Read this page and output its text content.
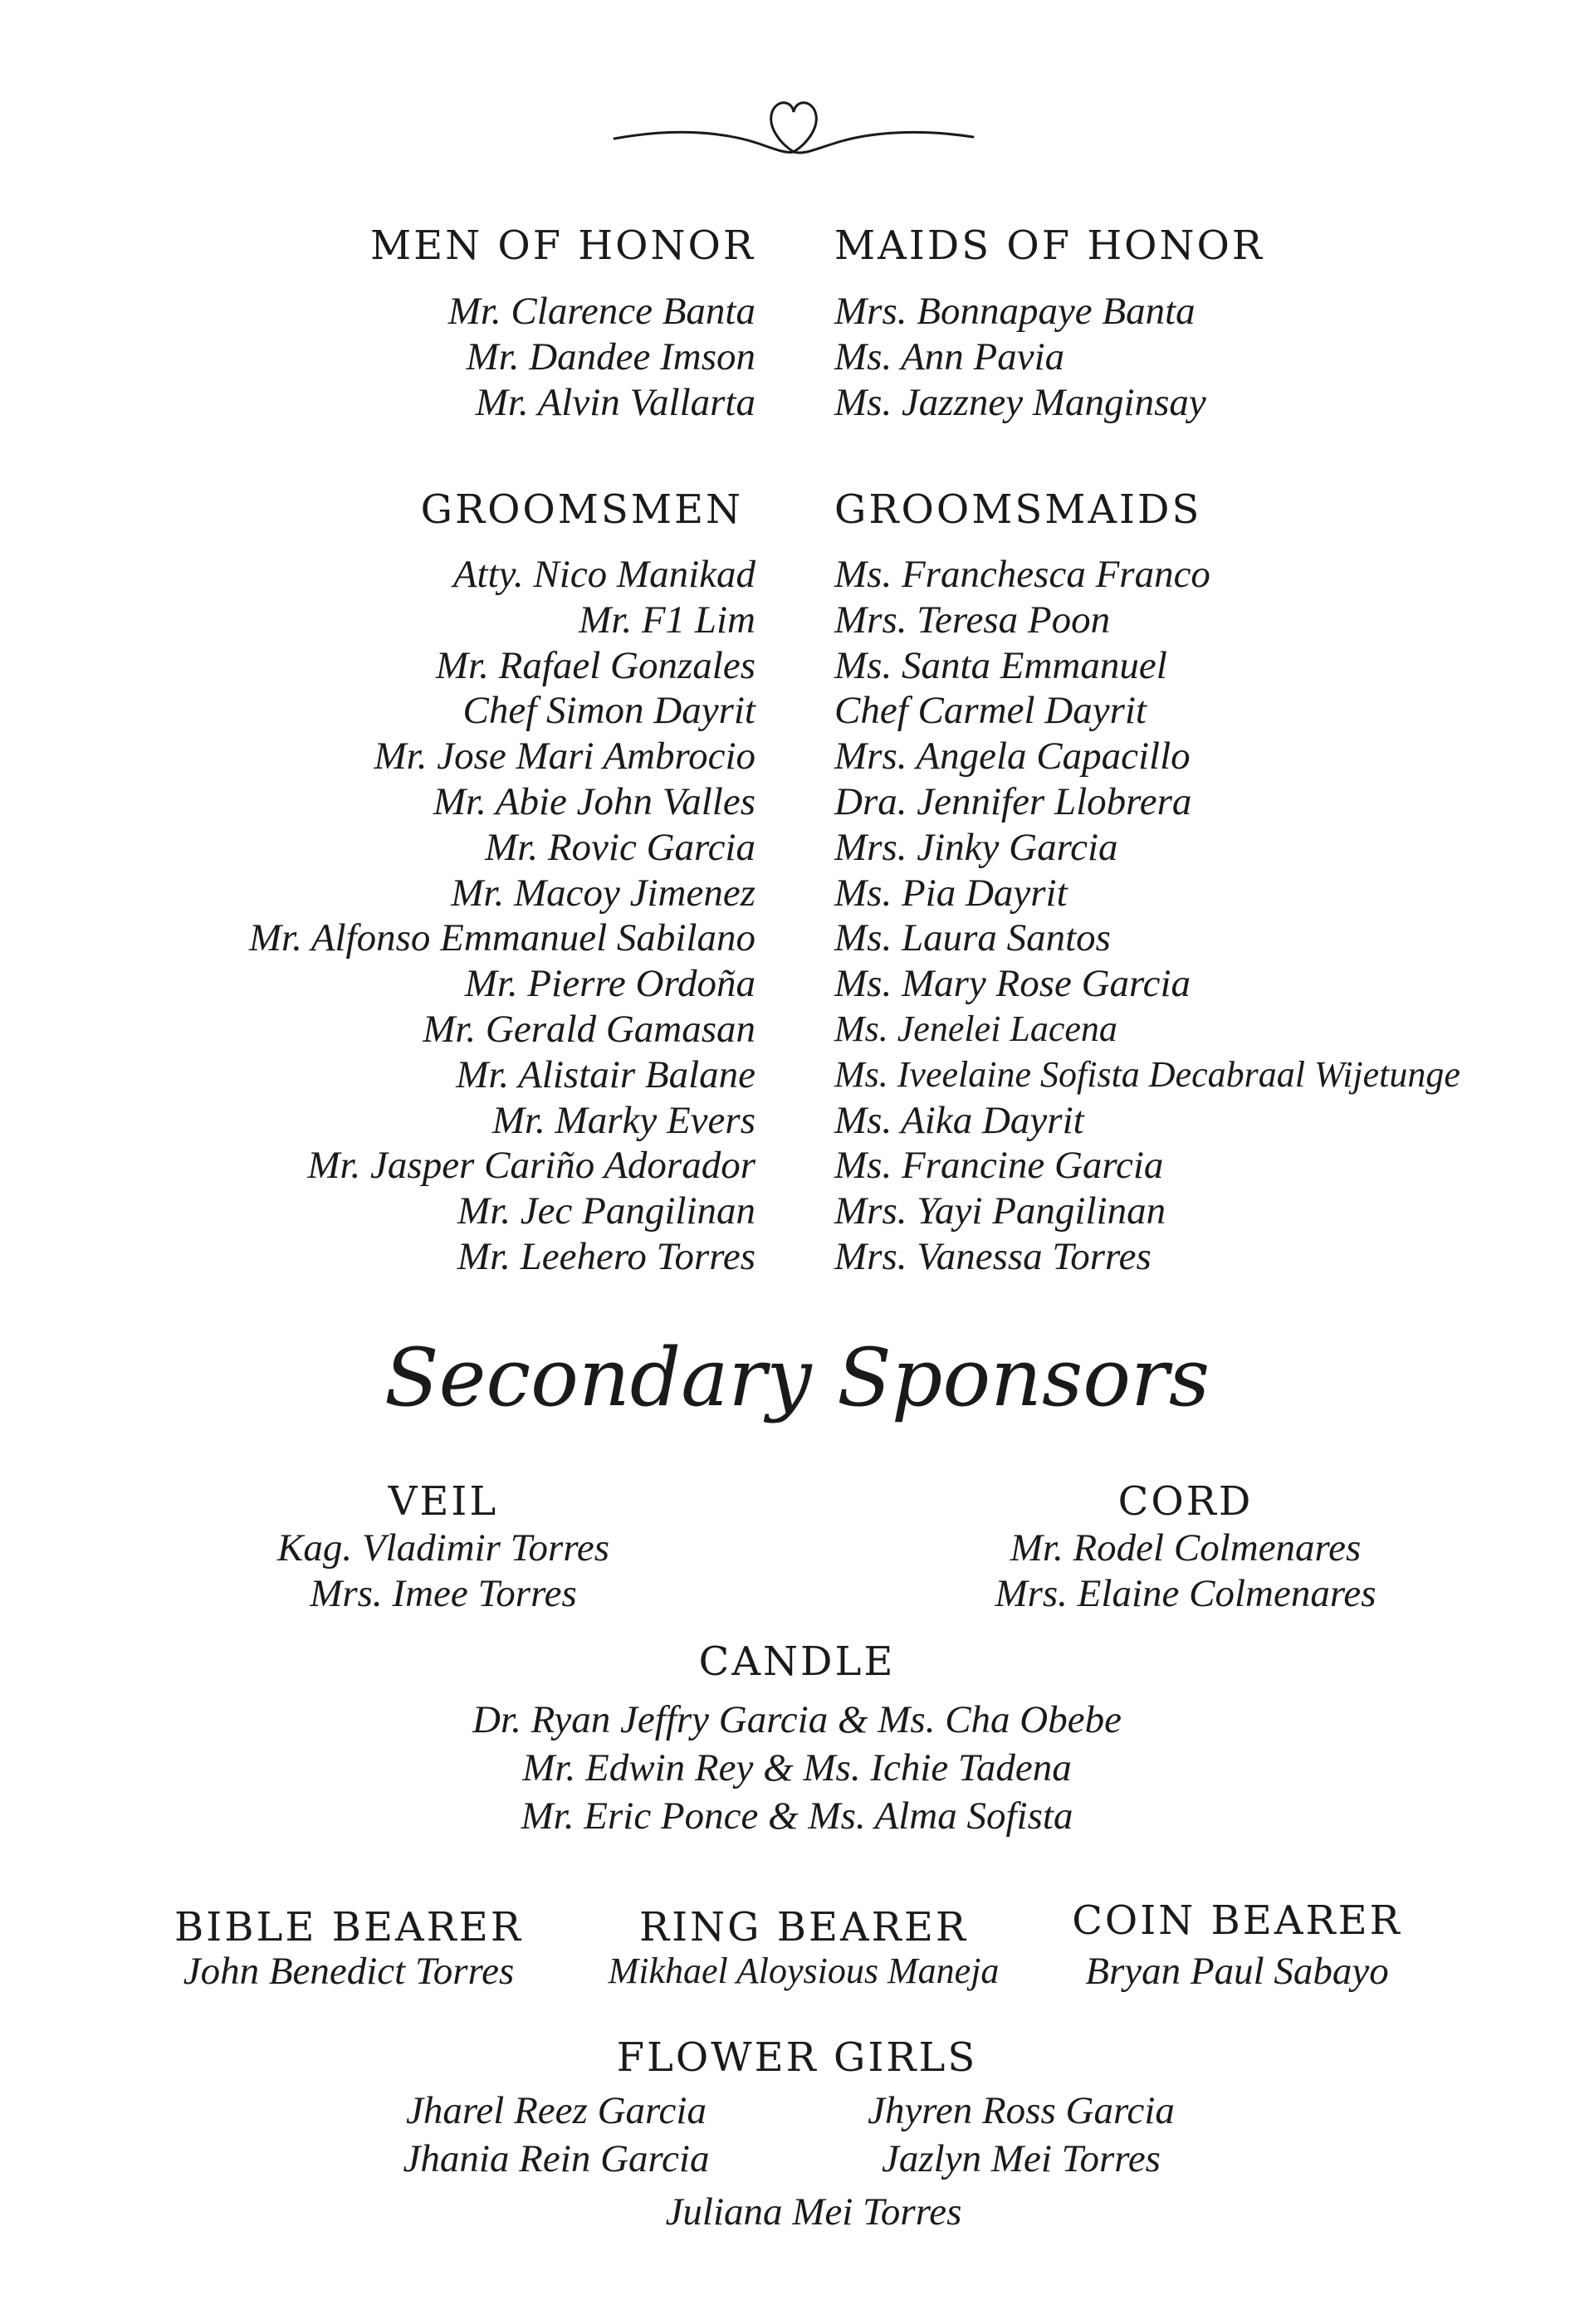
MEN OF HONOR
Mr. Clarence Banta
Mr. Dandee Imson
Mr. Alvin Vallarta
MAIDS OF HONOR
Mrs. Bonnapaye Banta
Ms. Ann Pavia
Ms. Jazzney Manginsay
GROOMSMEN
Atty. Nico Manikad
Mr. F1 Lim
Mr. Rafael Gonzales
Chef Simon Dayrit
Mr. Jose Mari Ambrocio
Mr. Abie John Valles
Mr. Rovic Garcia
Mr. Macoy Jimenez
Mr. Alfonso Emmanuel Sabilano
Mr. Pierre Ordoña
Mr. Gerald Gamasan
Mr. Alistair Balane
Mr. Marky Evers
Mr. Jasper Cariño Adorador
Mr. Jec Pangilinan
Mr. Leehero Torres
GROOMSMAIDS
Ms. Franchesca Franco
Mrs. Teresa Poon
Ms. Santa Emmanuel
Chef Carmel Dayrit
Mrs. Angela Capacillo
Dra. Jennifer Llobrera
Mrs. Jinky Garcia
Ms. Pia Dayrit
Ms. Laura Santos
Ms. Mary Rose Garcia
Ms. Jenelei Lacena
Ms. Iveelaine Sofista Decabraal Wijetunge
Ms. Aika Dayrit
Ms. Francine Garcia
Mrs. Yayi Pangilinan
Mrs. Vanessa Torres
Secondary Sponsors
VEIL
Kag. Vladimir Torres
Mrs. Imee Torres
CORD
Mr. Rodel Colmenares
Mrs. Elaine Colmenares
CANDLE
Dr. Ryan Jeffry Garcia & Ms. Cha Obebe
Mr. Edwin Rey & Ms. Ichie Tadena
Mr. Eric Ponce & Ms. Alma Sofista
BIBLE BEARER
John Benedict Torres
RING BEARER
Mikhael Aloysious Maneja
COIN BEARER
Bryan Paul Sabayo
FLOWER GIRLS
Jharel Reez Garcia
Jhania Rein Garcia
Jhyren Ross Garcia
Jazlyn Mei Torres
Juliana Mei Torres
